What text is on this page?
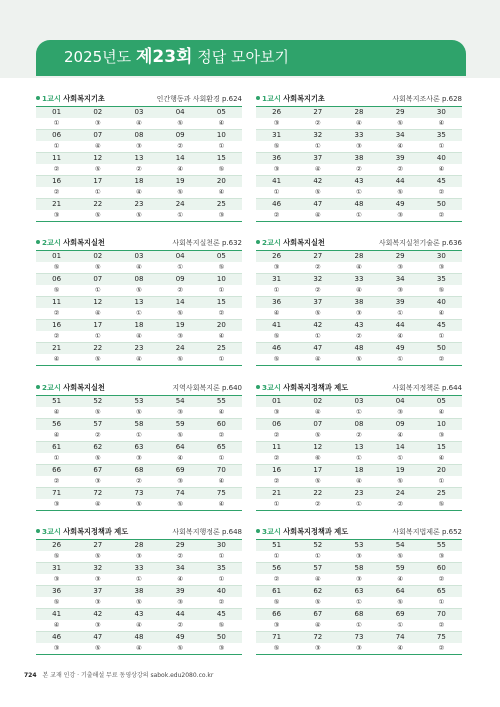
2025년도 제23회 정답 모아보기
1교시 사회복지기초	인간행동과 사회환경 p.624
01	02	03	04	05
①	③	④	⑤	④
06	07	08	09	10
①	④	③	②	①
11	12	13	14	15
②	⑤	②	④	⑤
16	17	18	19	20
②	①	④	⑤	④
21	22	23	24	25
③	⑤	⑤	①	③
1교시 사회복지기초	사회복지조사론 p.628
26	27	28	29	30
③	②	④	⑤	④
31	32	33	34	35
⑤	①	③	④	①
36	37	38	39	40
③	④	②	②	④
41	42	43	44	45
①	⑤	①	⑤	②
46	47	48	49	50
②	④	①	③	②
2교시 사회복지실천	사회복지실천론 p.632
01	02	03	04	05
⑤	⑤	④	①	⑤
06	07	08	09	10
⑤	①	⑤	②	①
11	12	13	14	15
②	④	①	⑤	②
16	17	18	19	20
②	①	④	③	④
21	22	23	24	25
④	⑤	④	⑤	①
2교시 사회복지실천	사회복지실천기술론 p.636
26	27	28	29	30
③	②	④	③	③
31	32	33	34	35
①	②	④	③	⑤
36	37	38	39	40
④	⑤	③	①	④
41	42	43	44	45
⑤	①	②	④	①
46	47	48	49	50
⑤	④	⑤	①	②
2교시 사회복지실천	지역사회복지론 p.640
51	52	53	54	55
④	⑤	⑤	③	④
56	57	58	59	60
④	②	①	⑤	②
61	62	63	64	65
①	⑤	③	④	①
66	67	68	69	70
②	③	②	③	④
71	72	73	74	75
③	④	⑤	⑤	④
3교시 사회복지정책과 제도	사회복지정책론 p.644
01	02	03	04	05
③	④	①	③	④
06	07	08	09	10
②	⑤	②	④	③
11	12	13	14	15
②	⑥	①	①	④
16	17	18	19	20
②	⑤	④	⑤	①
21	22	23	24	25
①	②	①	②	⑤
3교시 사회복지정책과 제도	사회복지행정론 p.648
26	27	28	29	30
⑤	⑤	③	②	①
31	32	33	34	35
③	③	①	④	①
36	37	38	39	40
⑤	③	⑤	③	②
41	42	43	44	45
④	③	④	②	⑤
46	47	48	49	50
③	⑤	④	⑤	③
3교시 사회복지정책과 제도	사회복지법제론 p.652
51	52	53	54	55
①	①	③	⑤	③
56	57	58	59	60
②	④	③	④	②
61	62	63	64	65
⑤	⑤	①	⑤	①
66	67	68	69	70
③	④	①	①	②
71	72	73	74	75
⑤	③	③	④	②
724 본 교재 인강 · 기출해설 무료 동영상강의 sabok.edu2080.co.kr
